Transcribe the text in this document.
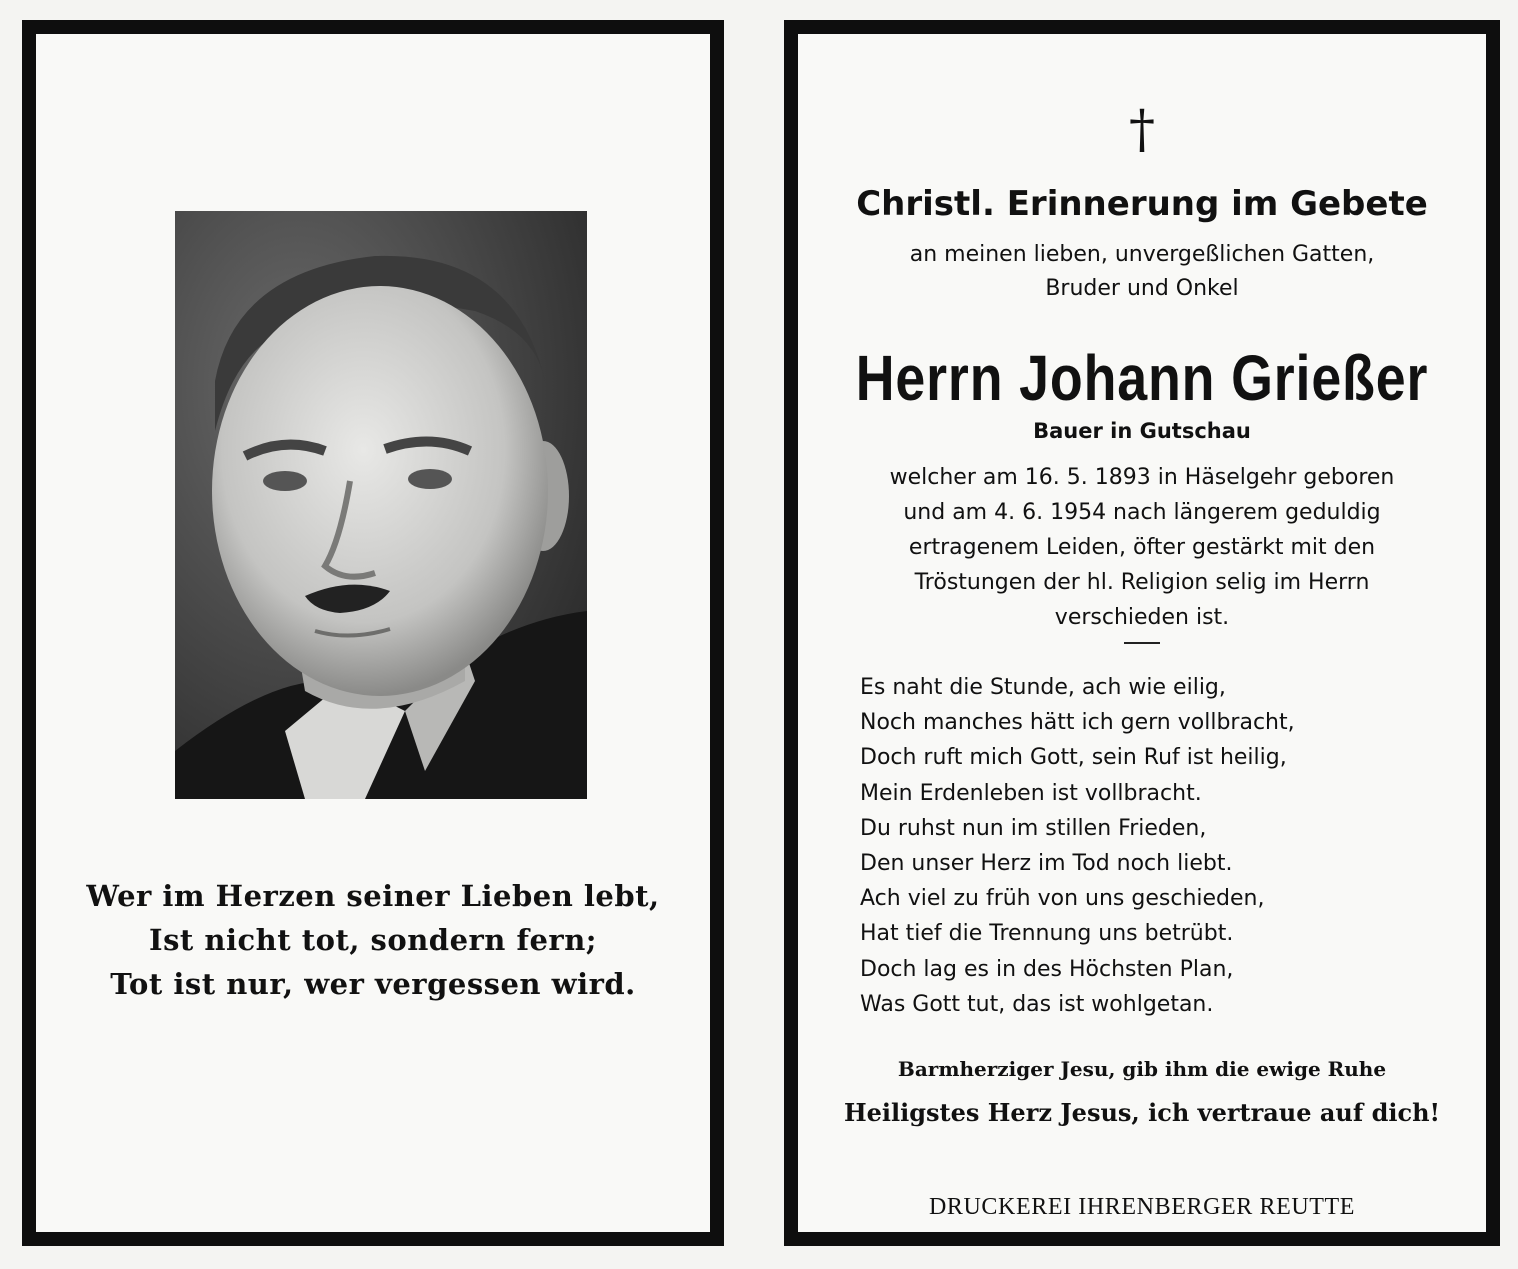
Wer im Herzen seiner Lieben lebt,
Ist nicht tot, sondern fern;
Tot ist nur, wer vergessen wird.
†
Christl. Erinnerung im Gebete
an meinen lieben, unvergeßlichen Gatten,
Bruder und Onkel
Herrn Johann Grießer
Bauer in Gutschau
welcher am 16. 5. 1893 in Häselgehr geboren
und am 4. 6. 1954 nach längerem geduldig
ertragenem Leiden, öfter gestärkt mit den
Tröstungen der hl. Religion selig im Herrn
verschieden ist.
Es naht die Stunde, ach wie eilig,
Noch manches hätt ich gern vollbracht,
Doch ruft mich Gott, sein Ruf ist heilig,
Mein Erdenleben ist vollbracht.
Du ruhst nun im stillen Frieden,
Den unser Herz im Tod noch liebt.
Ach viel zu früh von uns geschieden,
Hat tief die Trennung uns betrübt.
Doch lag es in des Höchsten Plan,
Was Gott tut, das ist wohlgetan.
Barmherziger Jesu, gib ihm die ewige Ruhe
Heiligstes Herz Jesus, ich vertraue auf dich!
DRUCKEREI IHRENBERGER REUTTE
